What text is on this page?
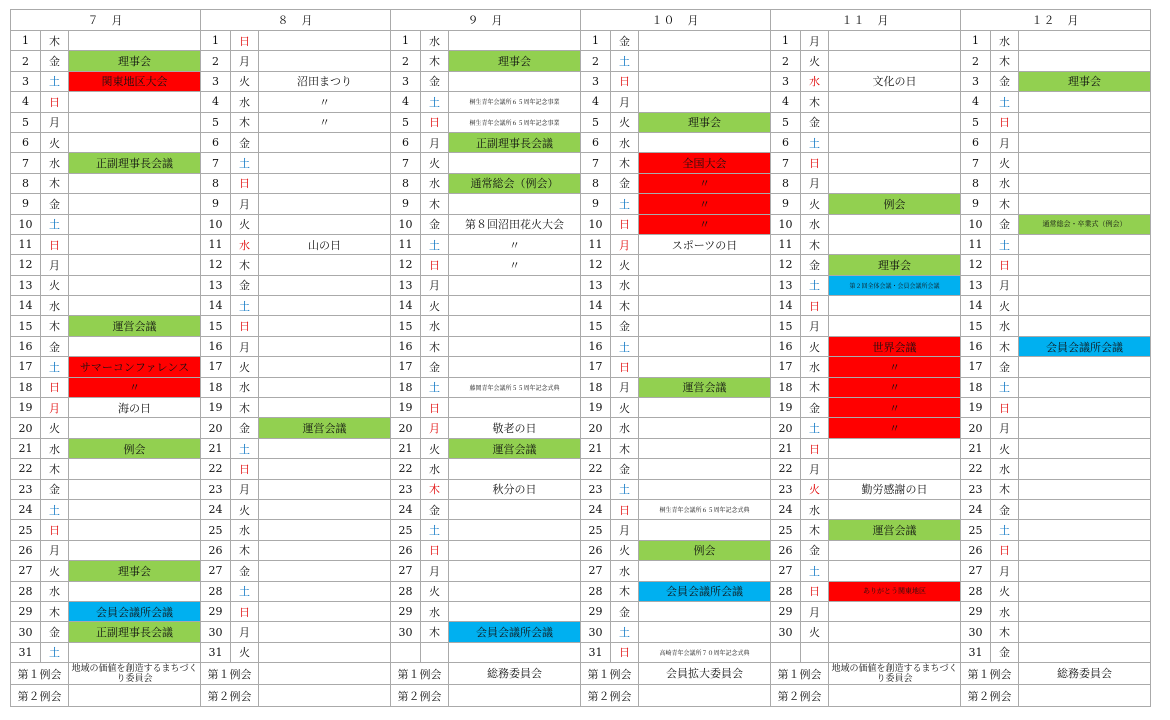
７　月			８　月			９　月			１０　月			１１　月			１２　月		
1	木		1	日		1	水		1	金		1	月		1	水	
2	金	理事会	2	月		2	木	理事会	2	土		2	火		2	木	
3	土	関東地区大会	3	火	沼田まつり	3	金		3	日		3	水	文化の日	3	金	理事会
4	日		4	水	〃	4	土	桐生青年会議所６５周年記念事業	4	月		4	木		4	土	
5	月		5	木	〃	5	日	桐生青年会議所６５周年記念事業	5	火	理事会	5	金		5	日	
6	火		6	金		6	月	正副理事長会議	6	水		6	土		6	月	
7	水	正副理事長会議	7	土		7	火		7	木	全国大会	7	日		7	火	
8	木		8	日		8	水	通常総会（例会）	8	金	〃	8	月		8	水	
9	金		9	月		9	木		9	土	〃	9	火	例会	9	木	
10	土		10	火		10	金	第８回沼田花火大会	10	日	〃	10	水		10	金	通常総会・卒業式（例会）
11	日		11	水	山の日	11	土	〃	11	月	スポーツの日	11	木		11	土	
12	月		12	木		12	日	〃	12	火		12	金	理事会	12	日	
13	火		13	金		13	月		13	水		13	土	第２回全体会議・会員会議所会議	13	月	
14	水		14	土		14	火		14	木		14	日		14	火	
15	木	運営会議	15	日		15	水		15	金		15	月		15	水	
16	金		16	月		16	木		16	土		16	火	世界会議	16	木	会員会議所会議
17	土	サマーコンファレンス	17	火		17	金		17	日		17	水	〃	17	金	
18	日	〃	18	水		18	土	藤岡青年会議所５５周年記念式典	18	月	運営会議	18	木	〃	18	土	
19	月	海の日	19	木		19	日		19	火		19	金	〃	19	日	
20	火		20	金	運営会議	20	月	敬老の日	20	水		20	土	〃	20	月	
21	水	例会	21	土		21	火	運営会議	21	木		21	日		21	火	
22	木		22	日		22	水		22	金		22	月		22	水	
23	金		23	月		23	木	秋分の日	23	土		23	火	勤労感謝の日	23	木	
24	土		24	火		24	金		24	日	桐生青年会議所６５周年記念式典	24	水		24	金	
25	日		25	水		25	土		25	月		25	木	運営会議	25	土	
26	月		26	木		26	日		26	火	例会	26	金		26	日	
27	火	理事会	27	金		27	月		27	水		27	土		27	月	
28	水		28	土		28	火		28	木	会員会議所会議	28	日	ありがとう関東地区	28	火	
29	木	会員会議所会議	29	日		29	水		29	金		29	月		29	水	
30	金	正副理事長会議	30	月		30	木	会員会議所会議	30	土		30	火		30	木	
31	土		31	火					31	日	高崎青年会議所７０周年記念式典				31	金	
第１例会		地域の価値を創造するまちづくり委員会	第１例会			第１例会		総務委員会	第１例会		会員拡大委員会	第１例会		地域の価値を創造するまちづくり委員会	第１例会		総務委員会
第２例会			第２例会			第２例会			第２例会			第２例会			第２例会		
